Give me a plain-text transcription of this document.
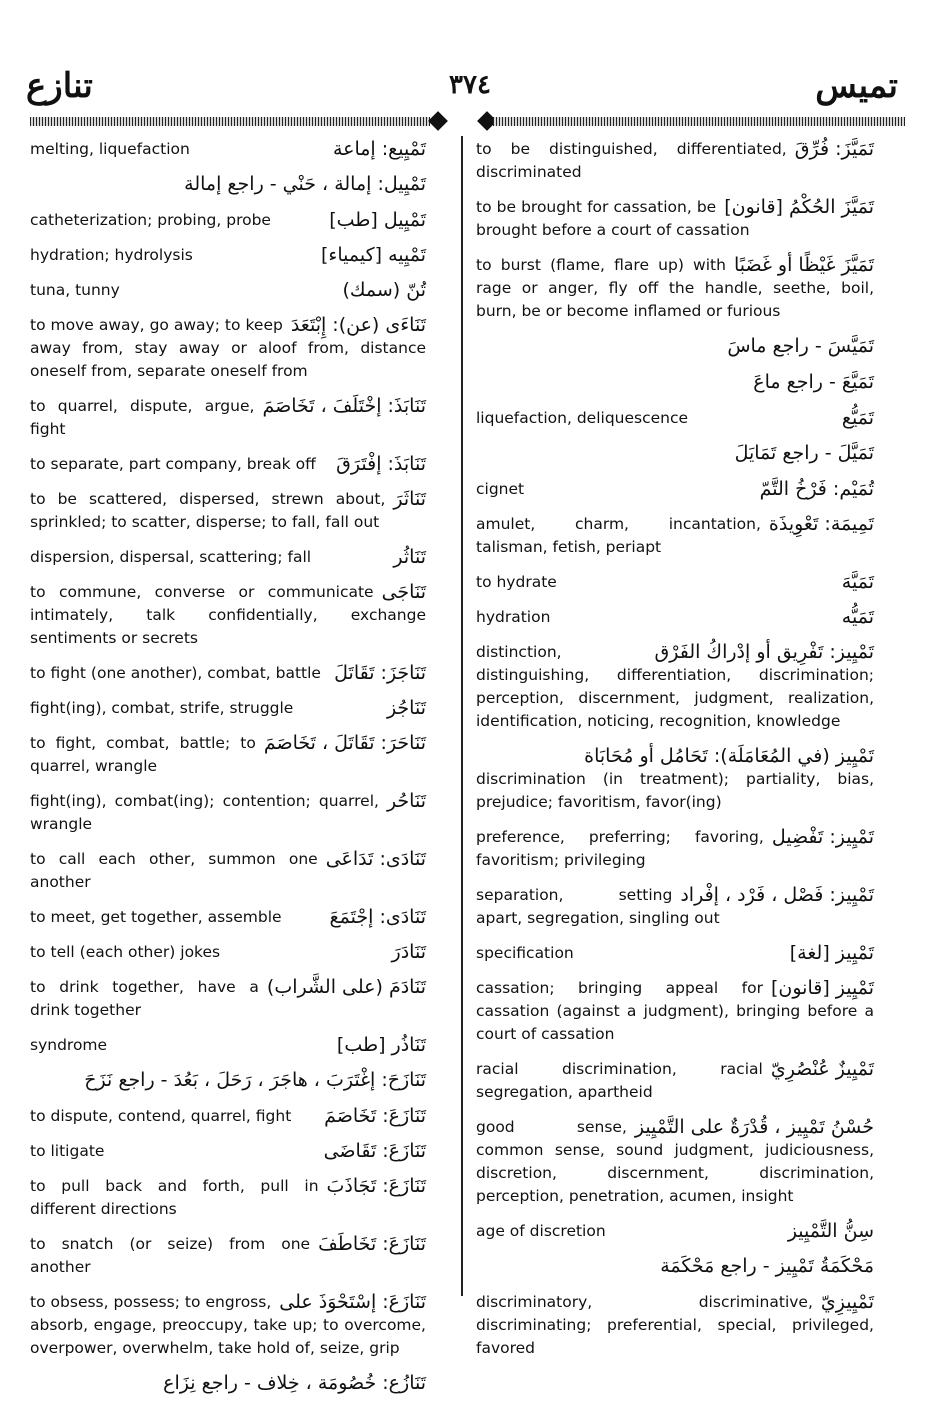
تنازع	٣٧٤	تميس
تَمْيِيع: إماعة
melting, liquefaction
تَمْيِيل: إمالة ، حَنْي - راجع إمالة
تَمْيِيل [طب]
catheterization; probing, probe
تَمْيِيه [كيمياء]
hydration; hydrolysis
تُنّ (سمك)
tuna, tunny
تَنَاءَى (عن): إِبْتَعَدَ
to move away, go away; to keep away from, stay away or aloof from, distance oneself from, separate oneself from
تَنَابَذَ: إخْتَلَفَ ، تَخَاصَمَ
to quarrel, dispute, argue, fight
تَنَابَذَ: إفْتَرَقَ
to separate, part company, break off
تَنَاثَرَ
to be scattered, dispersed, strewn about, sprinkled; to scatter, disperse; to fall, fall out
تَنَاثُر
dispersion, dispersal, scattering; fall
تَنَاجَى
to commune, converse or communicate intimately, talk confidentially, exchange sentiments or secrets
تَنَاجَزَ: تَقَاتَلَ
to fight (one another), combat, battle
تَنَاجُز
fight(ing), combat, strife, struggle
تَنَاحَرَ: تَقَاتَلَ ، تَخَاصَمَ
to fight, combat, battle; to quarrel, wrangle
تَنَاحُر
fight(ing), combat(ing); contention; quarrel, wrangle
تَنَادَى: تَدَاعَى
to call each other, summon one another
تَنَادَى: إجْتَمَعَ
to meet, get together, assemble
تَنَادَرَ
to tell (each other) jokes
تَنَادَمَ (على الشَّراب)
to drink together, have a drink together
تَنَاذُر [طب]
syndrome
تَنَازَحَ: إغْتَرَبَ ، هاجَرَ ، رَحَلَ ، بَعُدَ - راجع نَزَحَ
تَنَازَعَ: تَخَاصَمَ
to dispute, contend, quarrel, fight
تَنَازَعَ: تَقَاضَى
to litigate
تَنَازَعَ: تَجَاذَبَ
to pull back and forth, pull in different directions
تَنَازَعَ: تَخَاطَفَ
to snatch (or seize) from one another
تَنَازَعَ: إسْتَحْوَذَ على
to obsess, possess; to engross, absorb, engage, preoccupy, take up; to overcome, overpower, overwhelm, take hold of, seize, grip
تَنَازُع: خُصُومَة ، خِلاف - راجع نِزَاع
تَمَيَّزَ: فُرِّقَ
to be distinguished, differentiated, discriminated
تَمَيَّزَ الحُكْمُ [قانون]
to be brought for cassation, be brought before a court of cassation
تَمَيَّزَ غَيْظًا أو غَضَبًا
to burst (flame, flare up) with rage or anger, fly off the handle, seethe, boil, burn, be or become inflamed or furious
تَمَيَّسَ - راجع ماسَ
تَمَيَّعَ - راجع ماعَ
تَمَيُّع
liquefaction, deliquescence
تَمَيَّلَ - راجع تَمَايَلَ
تُمَيْم: فَرْخُ التَّمّ
cignet
تَمِيمَة: تَعْوِيذَة
amulet, charm, incantation, talisman, fetish, periapt
تَمَيَّهَ
to hydrate
تَمَيُّه
hydration
تَمْيِيز: تَفْرِيق أو إدْراكُ الفَرْق
distinction, distinguishing, differentiation, discrimination; perception, discernment, judgment, realization, identification, noticing, recognition, knowledge
تَمْيِيز (في المُعَامَلَة): تَحَامُل أو مُحَابَاة
discrimination (in treatment); partiality, bias, prejudice; favoritism, favor(ing)
تَمْيِيز: تَفْضِيل
preference, preferring; favoring, favoritism; privileging
تَمْيِيز: فَصْل ، فَرْد ، إفْراد
separation, setting apart, segregation, singling out
تَمْيِيز [لغة]
specification
تَمْيِيز [قانون]
cassation; bringing appeal for cassation (against a judgment), bringing before a court of cassation
تَمْيِيزٌ عُنْصُرِيّ
racial discrimination, racial segregation, apartheid
حُسْنُ تَمْيِيز ، قُدْرَةٌ على التَّمْيِيز
good sense, common sense, sound judgment, judiciousness, discretion, discernment, discrimination, perception, penetration, acumen, insight
سِنُّ التَّمْيِيز
age of discretion
مَحْكَمَةُ تَمْيِيز - راجع مَحْكَمَة
تَمْيِيزِيّ
discriminatory, discriminative, discriminating; preferential, special, privileged, favored
